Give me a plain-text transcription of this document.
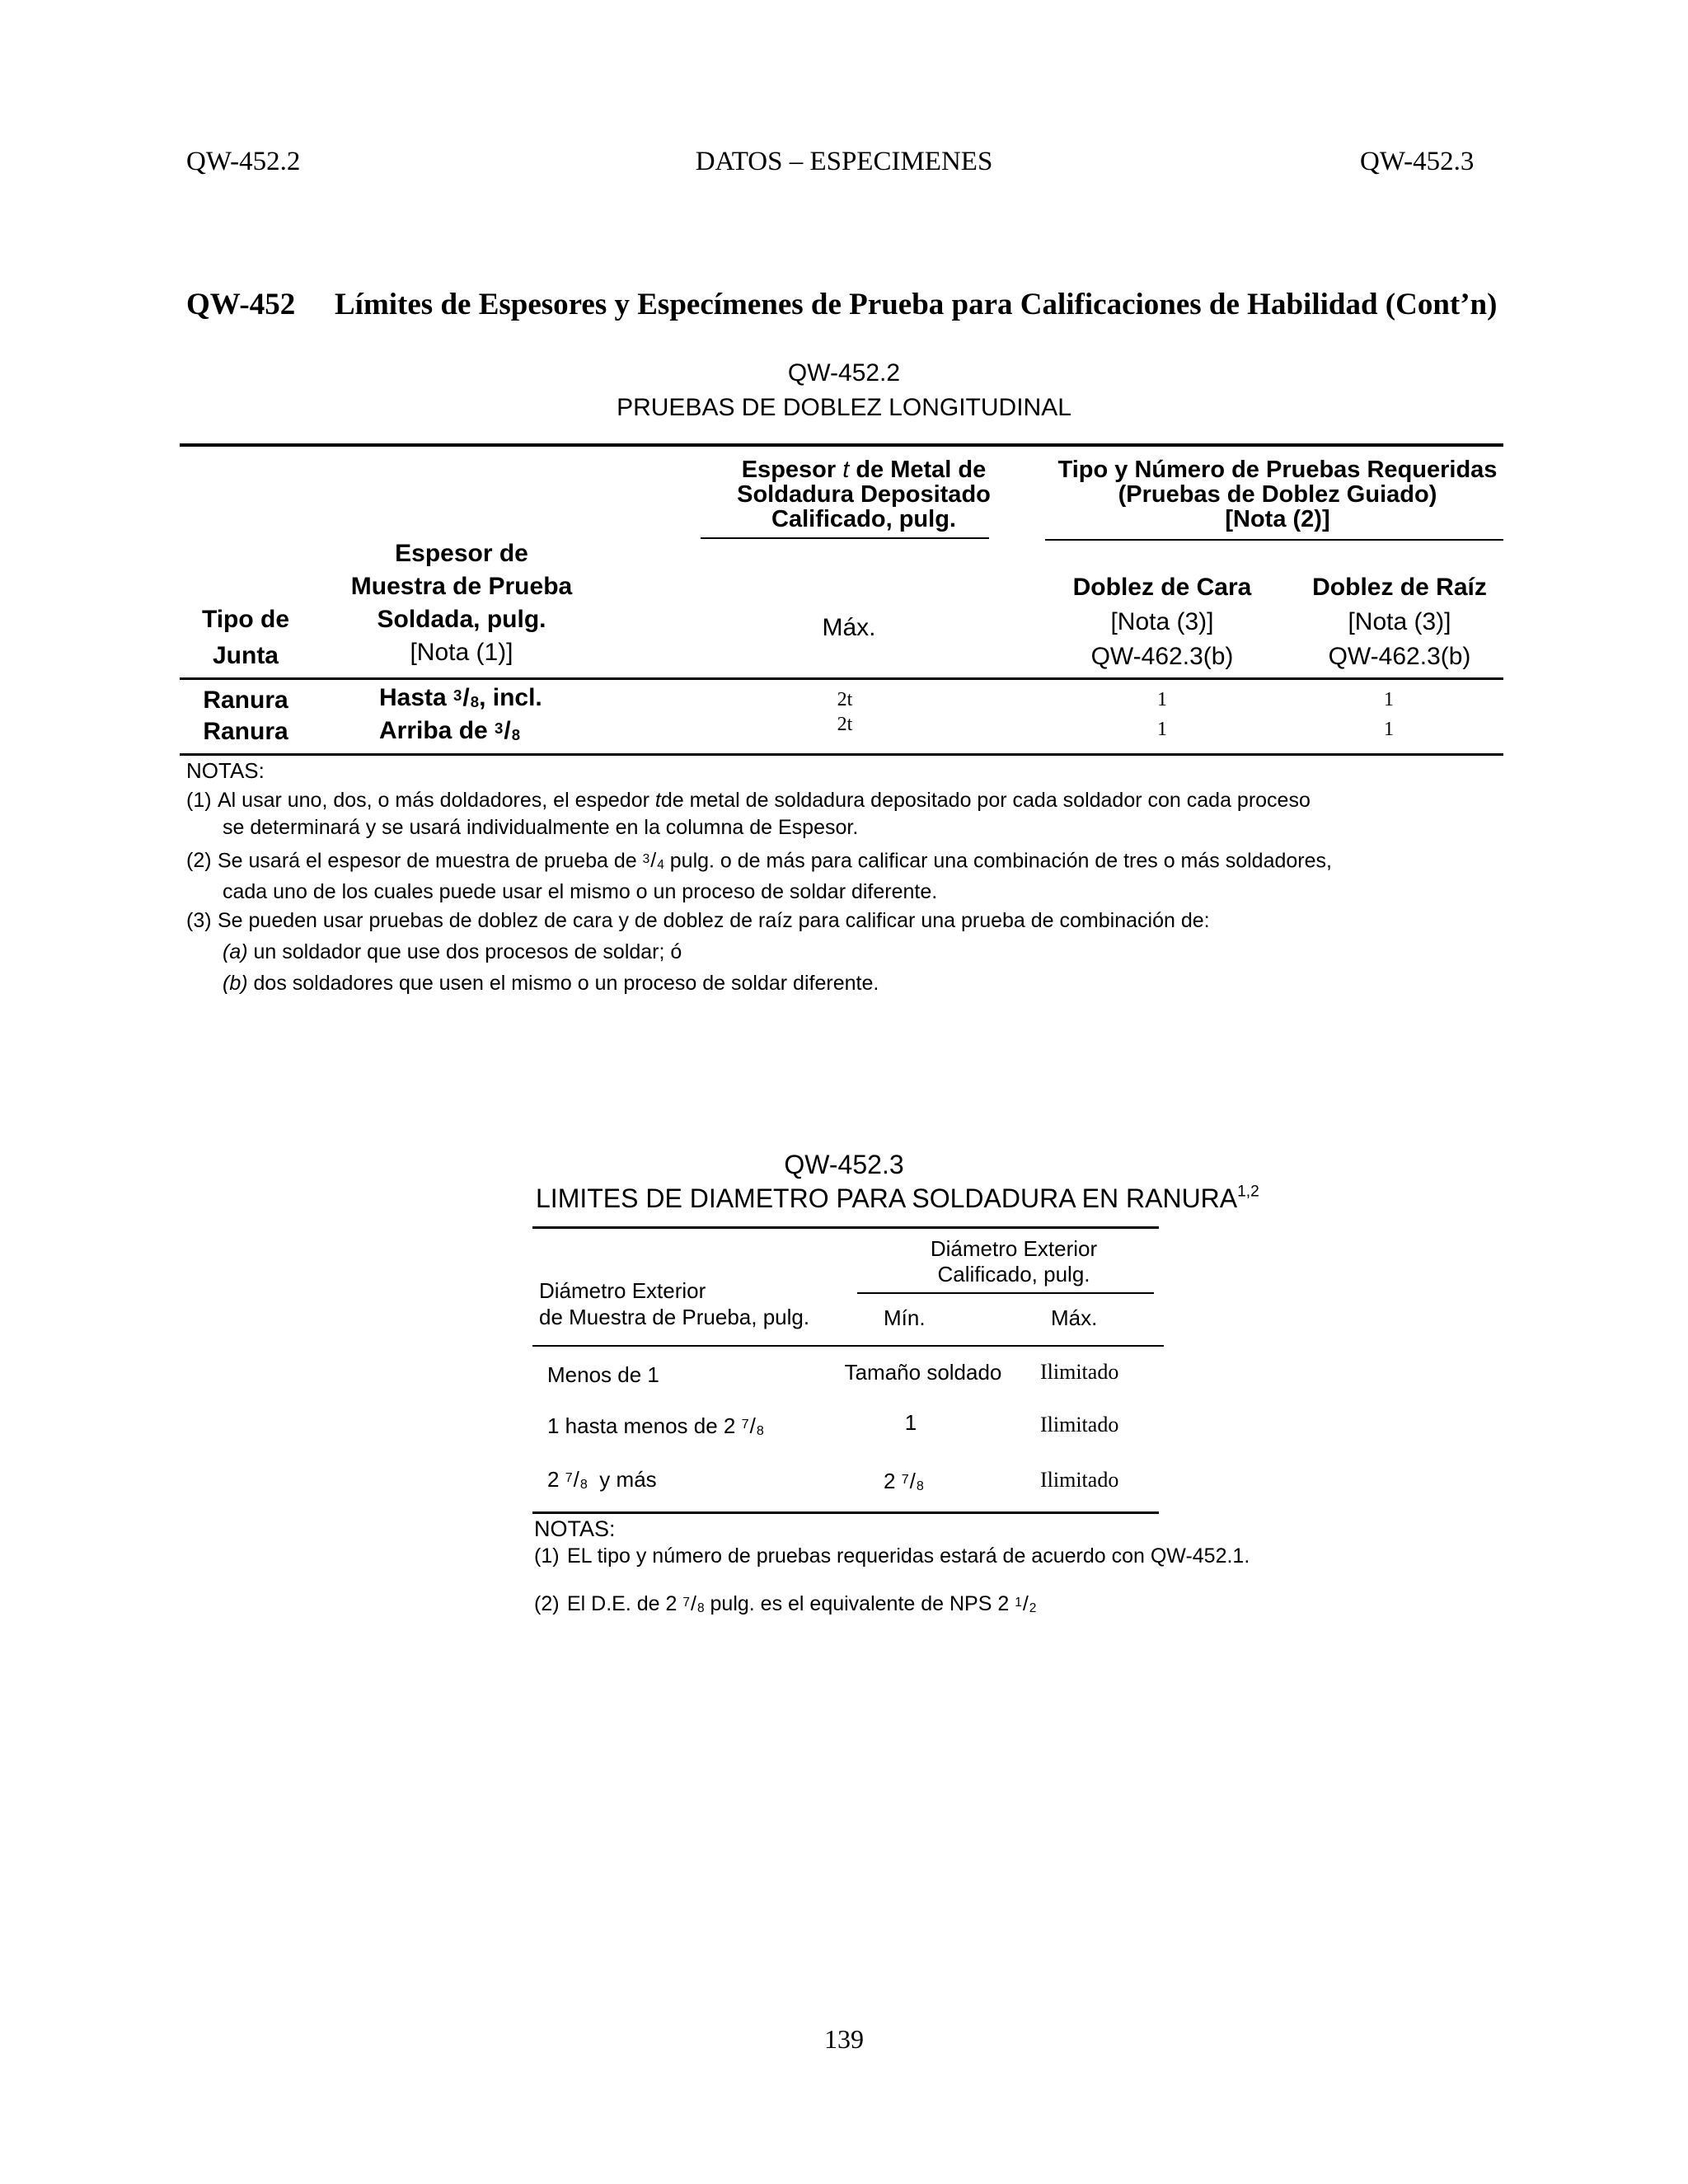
QW-452.2	DATOS – ESPECIMENES	QW-452.3
QW-452 Límites de Espesores y Especímenes de Prueba para Calificaciones de Habilidad (Cont’n)
QW-452.2
PRUEBAS DE DOBLEZ LONGITUDINAL
Espesor t de Metal de
Soldadura Depositado
Calificado, pulg.
Tipo y Número de Pruebas Requeridas
(Pruebas de Doblez Guiado)
[Nota (2)]
Tipo de
Junta
Espesor de
Muestra de Prueba
Soldada, pulg.
[Nota (1)]
Máx.
Doblez de Cara
[Nota (3)]
QW-462.3(b)
Doblez de Raíz
[Nota (3)]
QW-462.3(b)
Ranura	Hasta 3/8, incl.	2t	1	1
Ranura	Arriba de 3/8	2t	1	1
NOTAS:
(1) Al usar uno, dos, o más doldadores, el espedor tde metal de soldadura depositado por cada soldador con cada proceso
se determinará y se usará individualmente en la columna de Espesor.
(2) Se usará el espesor de muestra de prueba de 3/4 pulg. o de más para calificar una combinación de tres o más soldadores,
cada uno de los cuales puede usar el mismo o un proceso de soldar diferente.
(3) Se pueden usar pruebas de doblez de cara y de doblez de raíz para calificar una prueba de combinación de:
(a) un soldador que use dos procesos de soldar; ó
(b) dos soldadores que usen el mismo o un proceso de soldar diferente.
QW-452.3
LIMITES DE DIAMETRO PARA SOLDADURA EN RANURA$^{1,2}$
Diámetro Exterior
Calificado, pulg.
Diámetro Exterior
de Muestra de Prueba, pulg.	Mín.	Máx.
Menos de 1	Tamaño soldado	Ilimitado
1 hasta menos de 2 7/8	1	Ilimitado
2 7/8  y más	2 7/8	Ilimitado
NOTAS:
(1) EL tipo y número de pruebas requeridas estará de acuerdo con QW-452.1.
(2) El D.E. de 2 7/8 pulg. es el equivalente de NPS 2 1/2
139
